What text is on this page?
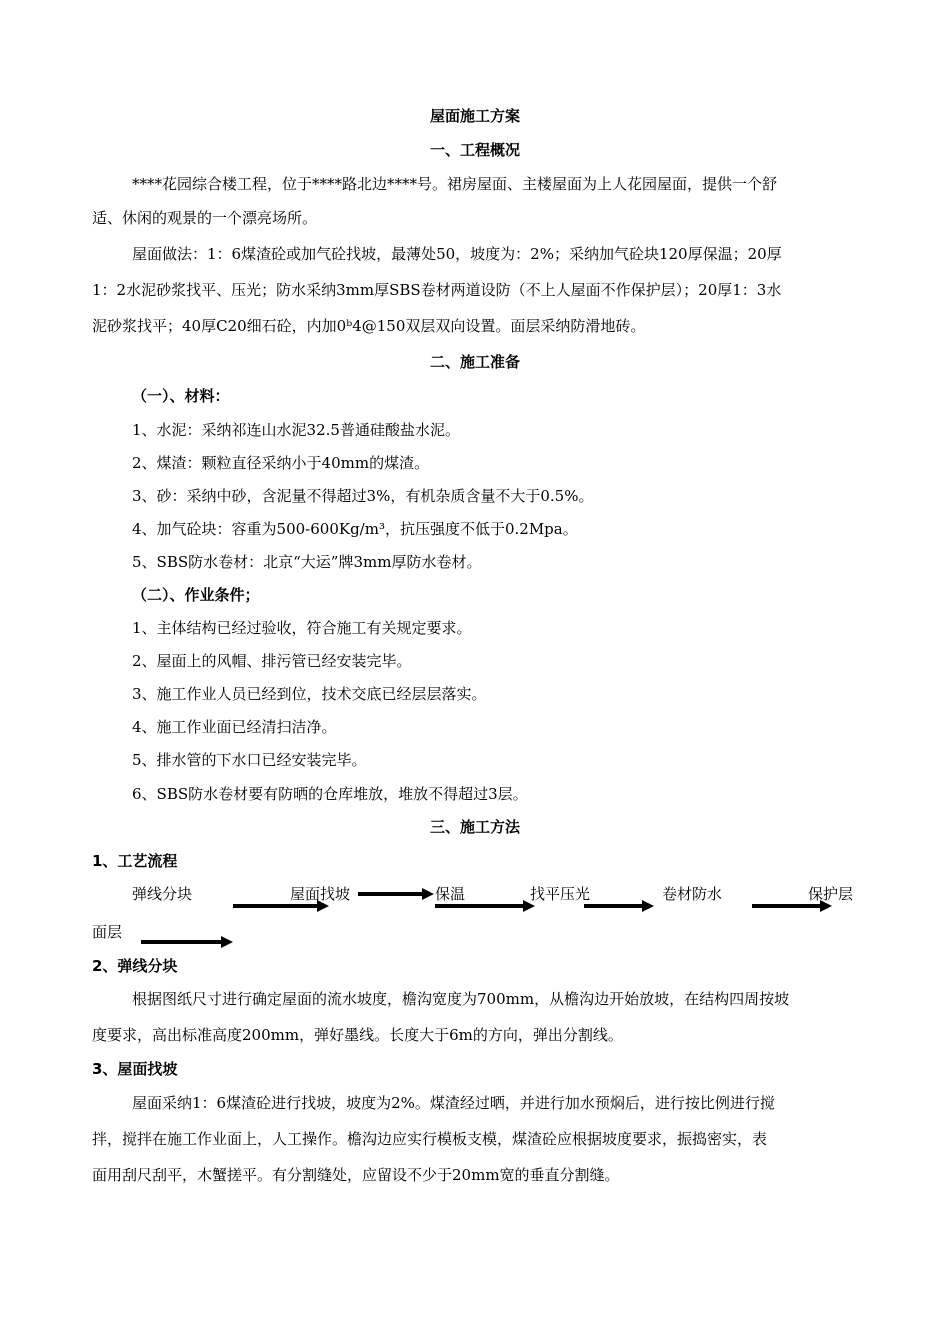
屋面施工方案
一、工程概况
****花园综合楼工程，位于****路北边****号。裙房屋面、主楼屋面为上人花园屋面，提供一个舒
适、休闲的观景的一个漂亮场所。
屋面做法：1：6煤渣砼或加气砼找坡，最薄处50，坡度为：2%；采纳加气砼块120厚保温；20厚
1：2水泥砂浆找平、压光；防水采纳3mm厚SBS卷材两道设防（不上人屋面不作保护层）；20厚1：3水
泥砂浆找平；40厚C20细石砼，内加0ᵇ4@150双层双向设置。面层采纳防滑地砖。
二、施工准备
（一）、材料：
1、水泥：采纳祁连山水泥32.5普通硅酸盐水泥。
2、煤渣：颗粒直径采纳小于40mm的煤渣。
3、砂：采纳中砂，含泥量不得超过3%，有机杂质含量不大于0.5%。
4、加气砼块：容重为500-600Kg/m³，抗压强度不低于0.2Mpa。
5、SBS防水卷材：北京“大运”牌3mm厚防水卷材。
（二）、作业条件；
1、主体结构已经过验收，符合施工有关规定要求。
2、屋面上的风帽、排污管已经安装完毕。
3、施工作业人员已经到位，技术交底已经层层落实。
4、施工作业面已经清扫洁净。
5、排水管的下水口已经安装完毕。
6、SBS防水卷材要有防晒的仓库堆放，堆放不得超过3层。
三、施工方法
1、工艺流程
弹线分块	屋面找坡	保温	找平压光	卷材防水	保护层
面层
2、弹线分块
根据图纸尺寸进行确定屋面的流水坡度，檐沟宽度为700mm，从檐沟边开始放坡，在结构四周按坡
度要求，高出标准高度200mm，弹好墨线。长度大于6m的方向，弹出分割线。
3、屋面找坡
屋面采纳1：6煤渣砼进行找坡，坡度为2%。煤渣经过晒，并进行加水预焖后，进行按比例进行搅
拌，搅拌在施工作业面上，人工操作。檐沟边应实行模板支模，煤渣砼应根据坡度要求，振捣密实，表
面用刮尺刮平，木蟹搓平。有分割缝处，应留设不少于20mm宽的垂直分割缝。
